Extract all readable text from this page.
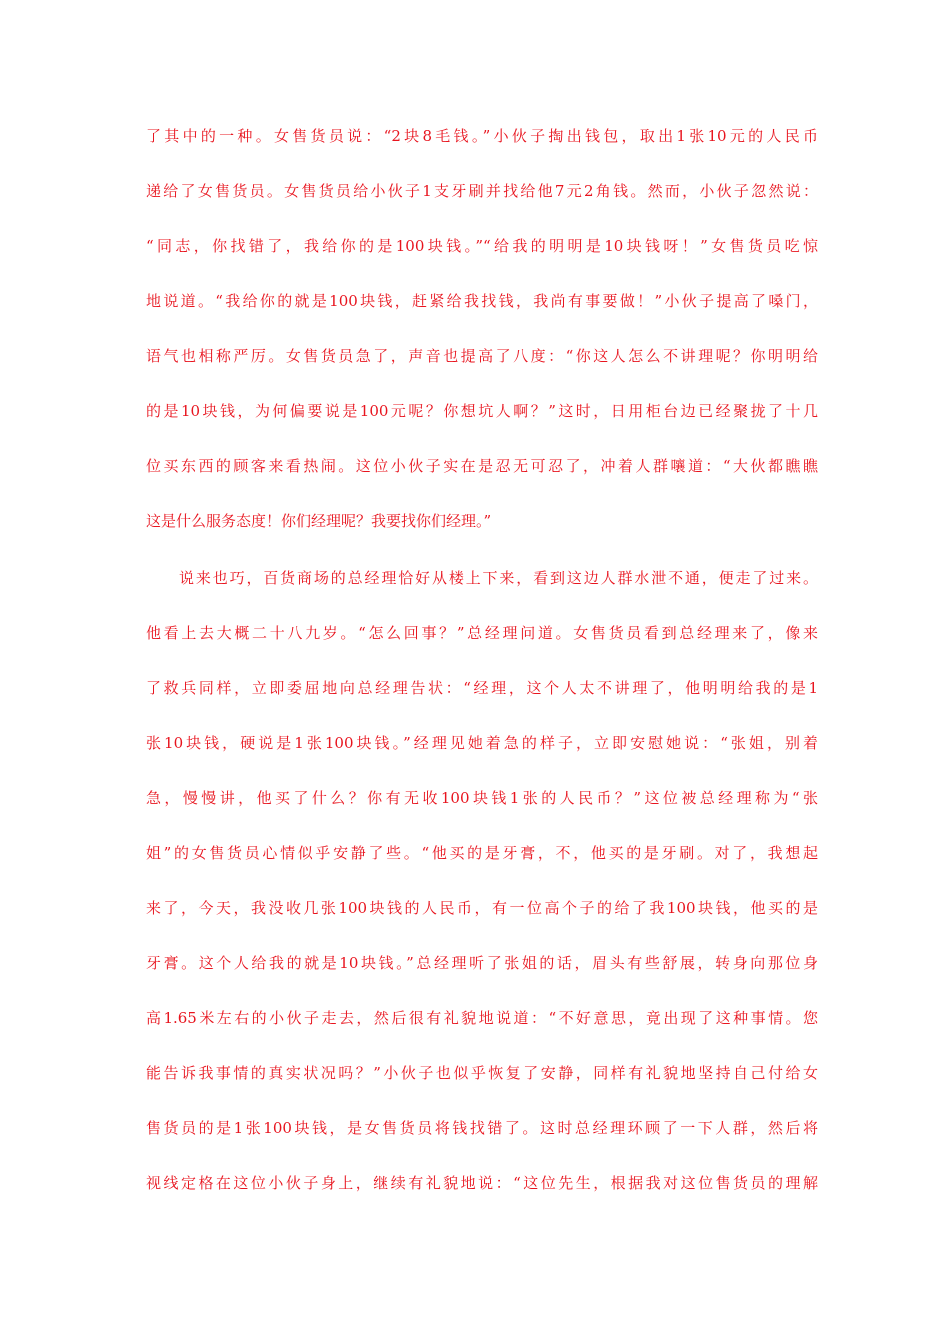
了其中的一种。女售货员说：“2块8毛钱。”小伙子掏出钱包，取出1张10元的人民币
递给了女售货员。女售货员给小伙子1支牙刷并找给他7元2角钱。然而，小伙子忽然说：
“同志，你找错了，我给你的是100块钱。”“给我的明明是10块钱呀！”女售货员吃惊
地说道。“我给你的就是100块钱，赶紧给我找钱，我尚有事要做！”小伙子提高了嗓门，
语气也相称严厉。女售货员急了，声音也提高了八度：“你这人怎么不讲理呢？你明明给
的是10块钱，为何偏要说是100元呢？你想坑人啊？”这时，日用柜台边已经聚拢了十几
位买东西的顾客来看热闹。这位小伙子实在是忍无可忍了，冲着人群嚷道：“大伙都瞧瞧
这是什么服务态度！你们经理呢？我要找你们经理。”
说来也巧，百货商场的总经理恰好从楼上下来，看到这边人群水泄不通，便走了过来。
他看上去大概二十八九岁。“怎么回事？”总经理问道。女售货员看到总经理来了，像来
了救兵同样，立即委屈地向总经理告状：“经理，这个人太不讲理了，他明明给我的是1
张10块钱，硬说是1张100块钱。”经理见她着急的样子，立即安慰她说：“张姐，别着
急，慢慢讲，他买了什么？你有无收100块钱1张的人民币？”这位被总经理称为“张
姐”的女售货员心情似乎安静了些。“他买的是牙膏，不，他买的是牙刷。对了，我想起
来了，今天，我没收几张100块钱的人民币，有一位高个子的给了我100块钱，他买的是
牙膏。这个人给我的就是10块钱。”总经理听了张姐的话，眉头有些舒展，转身向那位身
高1.65米左右的小伙子走去，然后很有礼貌地说道：“不好意思，竟出现了这种事情。您
能告诉我事情的真实状况吗？”小伙子也似乎恢复了安静，同样有礼貌地坚持自己付给女
售货员的是1张100块钱，是女售货员将钱找错了。这时总经理环顾了一下人群，然后将
视线定格在这位小伙子身上，继续有礼貌地说：“这位先生，根据我对这位售货员的理解
